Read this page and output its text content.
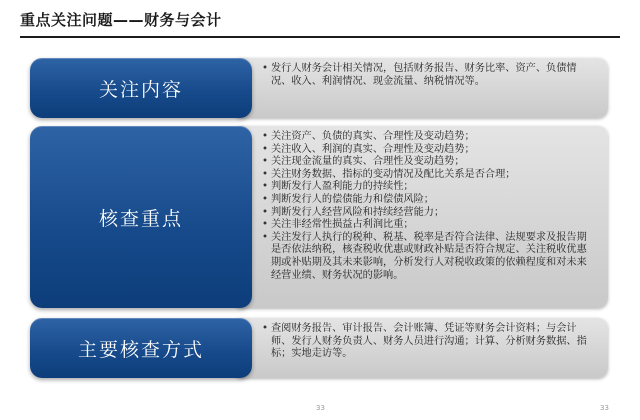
重点关注问题——财务与会计
• 发行人财务会计相关情况，包括财务报告、财务比率、资产、负债情况、收入、利润情况、现金流量、纳税情况等。
关注内容
• 关注资产、负债的真实、合理性及变动趋势；
• 关注收入、利润的真实、合理性及变动趋势；
• 关注现金流量的真实、合理性及变动趋势；
• 关注财务数据、指标的变动情况及配比关系是否合理；
• 判断发行人盈利能力的持续性；
• 判断发行人的偿债能力和偿债风险；
• 判断发行人经营风险和持续经营能力；
• 关注非经常性损益占利润比重；
• 关注发行人执行的税种、税基、税率是否符合法律、法规要求及报告期是否依法纳税，核查税收优惠或财政补贴是否符合规定、关注税收优惠期或补贴期及其未来影响，分析发行人对税收政策的依赖程度和对未来经营业绩、财务状况的影响。
核查重点
• 查阅财务报告、审计报告、会计账簿、凭证等财务会计资料；与会计师、发行人财务负责人、财务人员进行沟通；计算、分析财务数据、指标；实地走访等。
主要核查方式
33	33
